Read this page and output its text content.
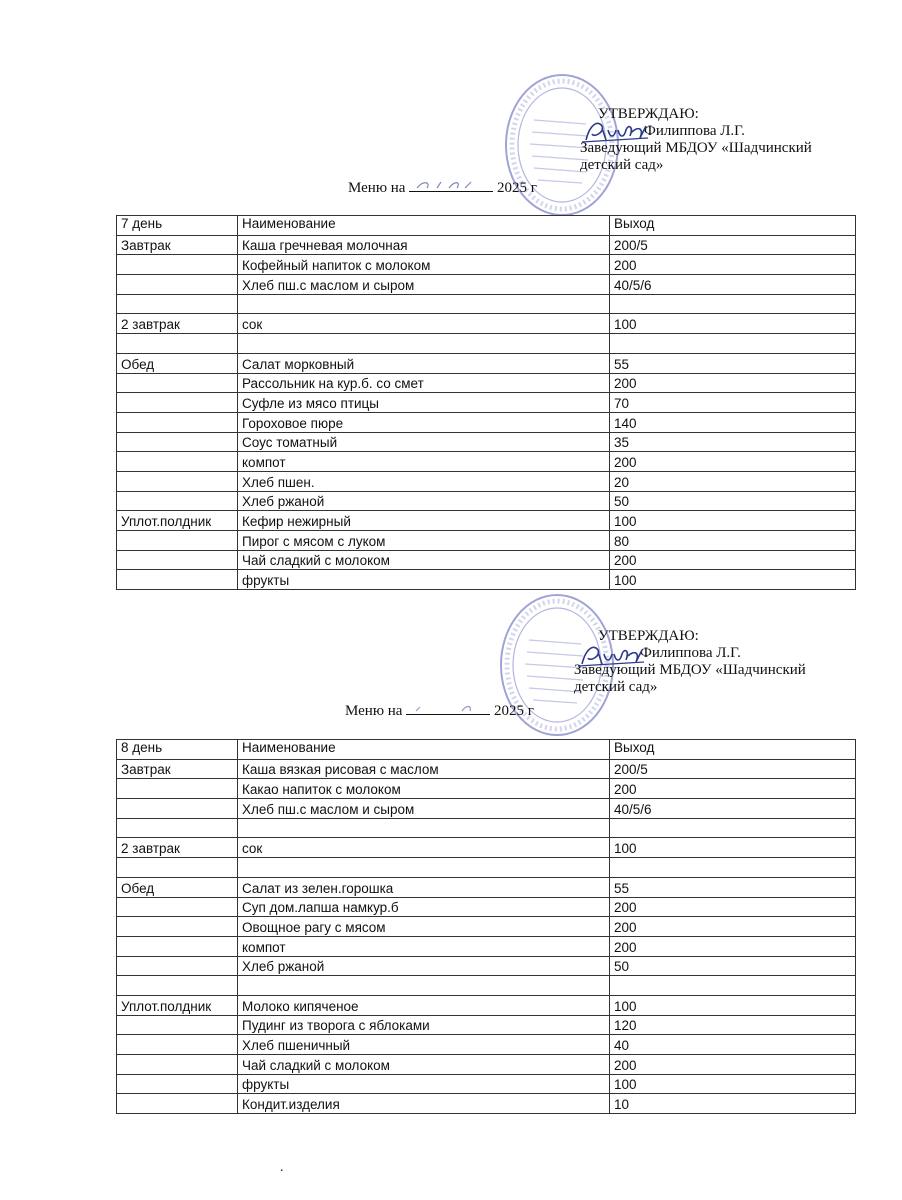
УТВЕРЖДАЮ:
Филиппова Л.Г.
Заведующий МБДОУ «Шадчинский
детский сад»
Меню на	2025 г
7 день	Наименование	Выход
Завтрак	Каша гречневая молочная	200/5
	Кофейный напиток с молоком	200
	Хлеб пш.с маслом и сыром	40/5/6

2 завтрак	сок	100

Обед	Салат морковный	55
	Рассольник на кур.б. со смет	200
	Суфле из мясо птицы	70
	Гороховое пюре	140
	Соус томатный	35
	компот	200
	Хлеб пшен.	20
	Хлеб ржаной	50
Уплот.полдник	Кефир нежирный	100
	Пирог с мясом с луком	80
	Чай сладкий с молоком	200
	фрукты	100
УТВЕРЖДАЮ:
Филиппова Л.Г.
Заведующий МБДОУ «Шадчинский
детский сад»
Меню на	2025 г
8 день	Наименование	Выход
Завтрак	Каша вязкая рисовая с маслом	200/5
	Какао напиток с молоком	200
	Хлеб пш.с маслом и сыром	40/5/6

2 завтрак	сок	100

Обед	Салат из зелен.горошка	55
	Суп дом.лапша намкур.б	200
	Овощное рагу с мясом	200
	компот	200
	Хлеб ржаной	50

Уплот.полдник	Молоко кипяченое	100
	Пудинг из творога с яблоками	120
	Хлеб пшеничный	40
	Чай сладкий с молоком	200
	фрукты	100
	Кондит.изделия	10
.
